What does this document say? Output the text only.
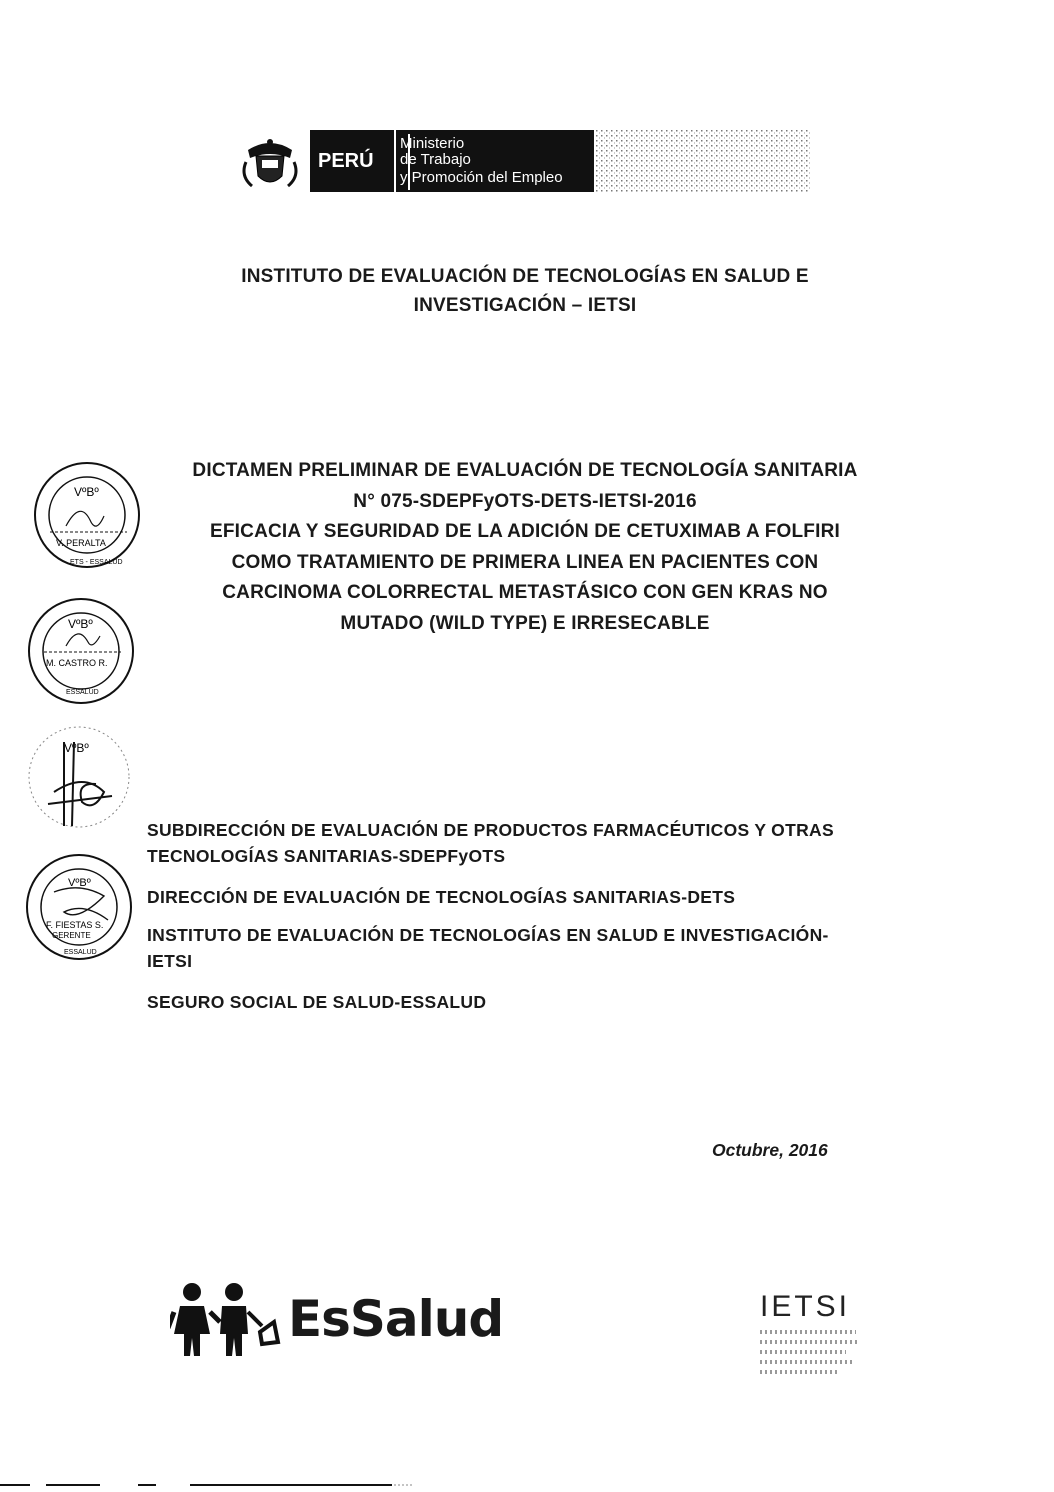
PERÚ
Ministerio
de Trabajo
y Promoción del Empleo
INSTITUTO DE EVALUACIÓN DE TECNOLOGÍAS EN SALUD E
INVESTIGACIÓN – IETSI
DICTAMEN PRELIMINAR DE EVALUACIÓN DE TECNOLOGÍA SANITARIA
N° 075-SDEPFyOTS-DETS-IETSI-2016
EFICACIA Y SEGURIDAD DE LA ADICIÓN DE CETUXIMAB A FOLFIRI
COMO TRATAMIENTO DE PRIMERA LINEA EN PACIENTES CON
CARCINOMA COLORRECTAL METASTÁSICO CON GEN KRAS NO
MUTADO (WILD TYPE) E IRRESECABLE
VºBº
V. PERALTA
ETS - ESSALUD
VºBº
M. CASTRO R.
ESSALUD
VºBº
VºBº
F. FIESTAS S.
GERENTE
ESSALUD
SUBDIRECCIÓN DE EVALUACIÓN DE PRODUCTOS FARMACÉUTICOS Y OTRAS
TECNOLOGÍAS SANITARIAS-SDEPFyOTS
DIRECCIÓN DE EVALUACIÓN DE TECNOLOGÍAS SANITARIAS-DETS
INSTITUTO DE EVALUACIÓN DE TECNOLOGÍAS EN SALUD E INVESTIGACIÓN-
IETSI
SEGURO SOCIAL DE SALUD-ESSALUD
Octubre, 2016
EsSalud	IETSI
